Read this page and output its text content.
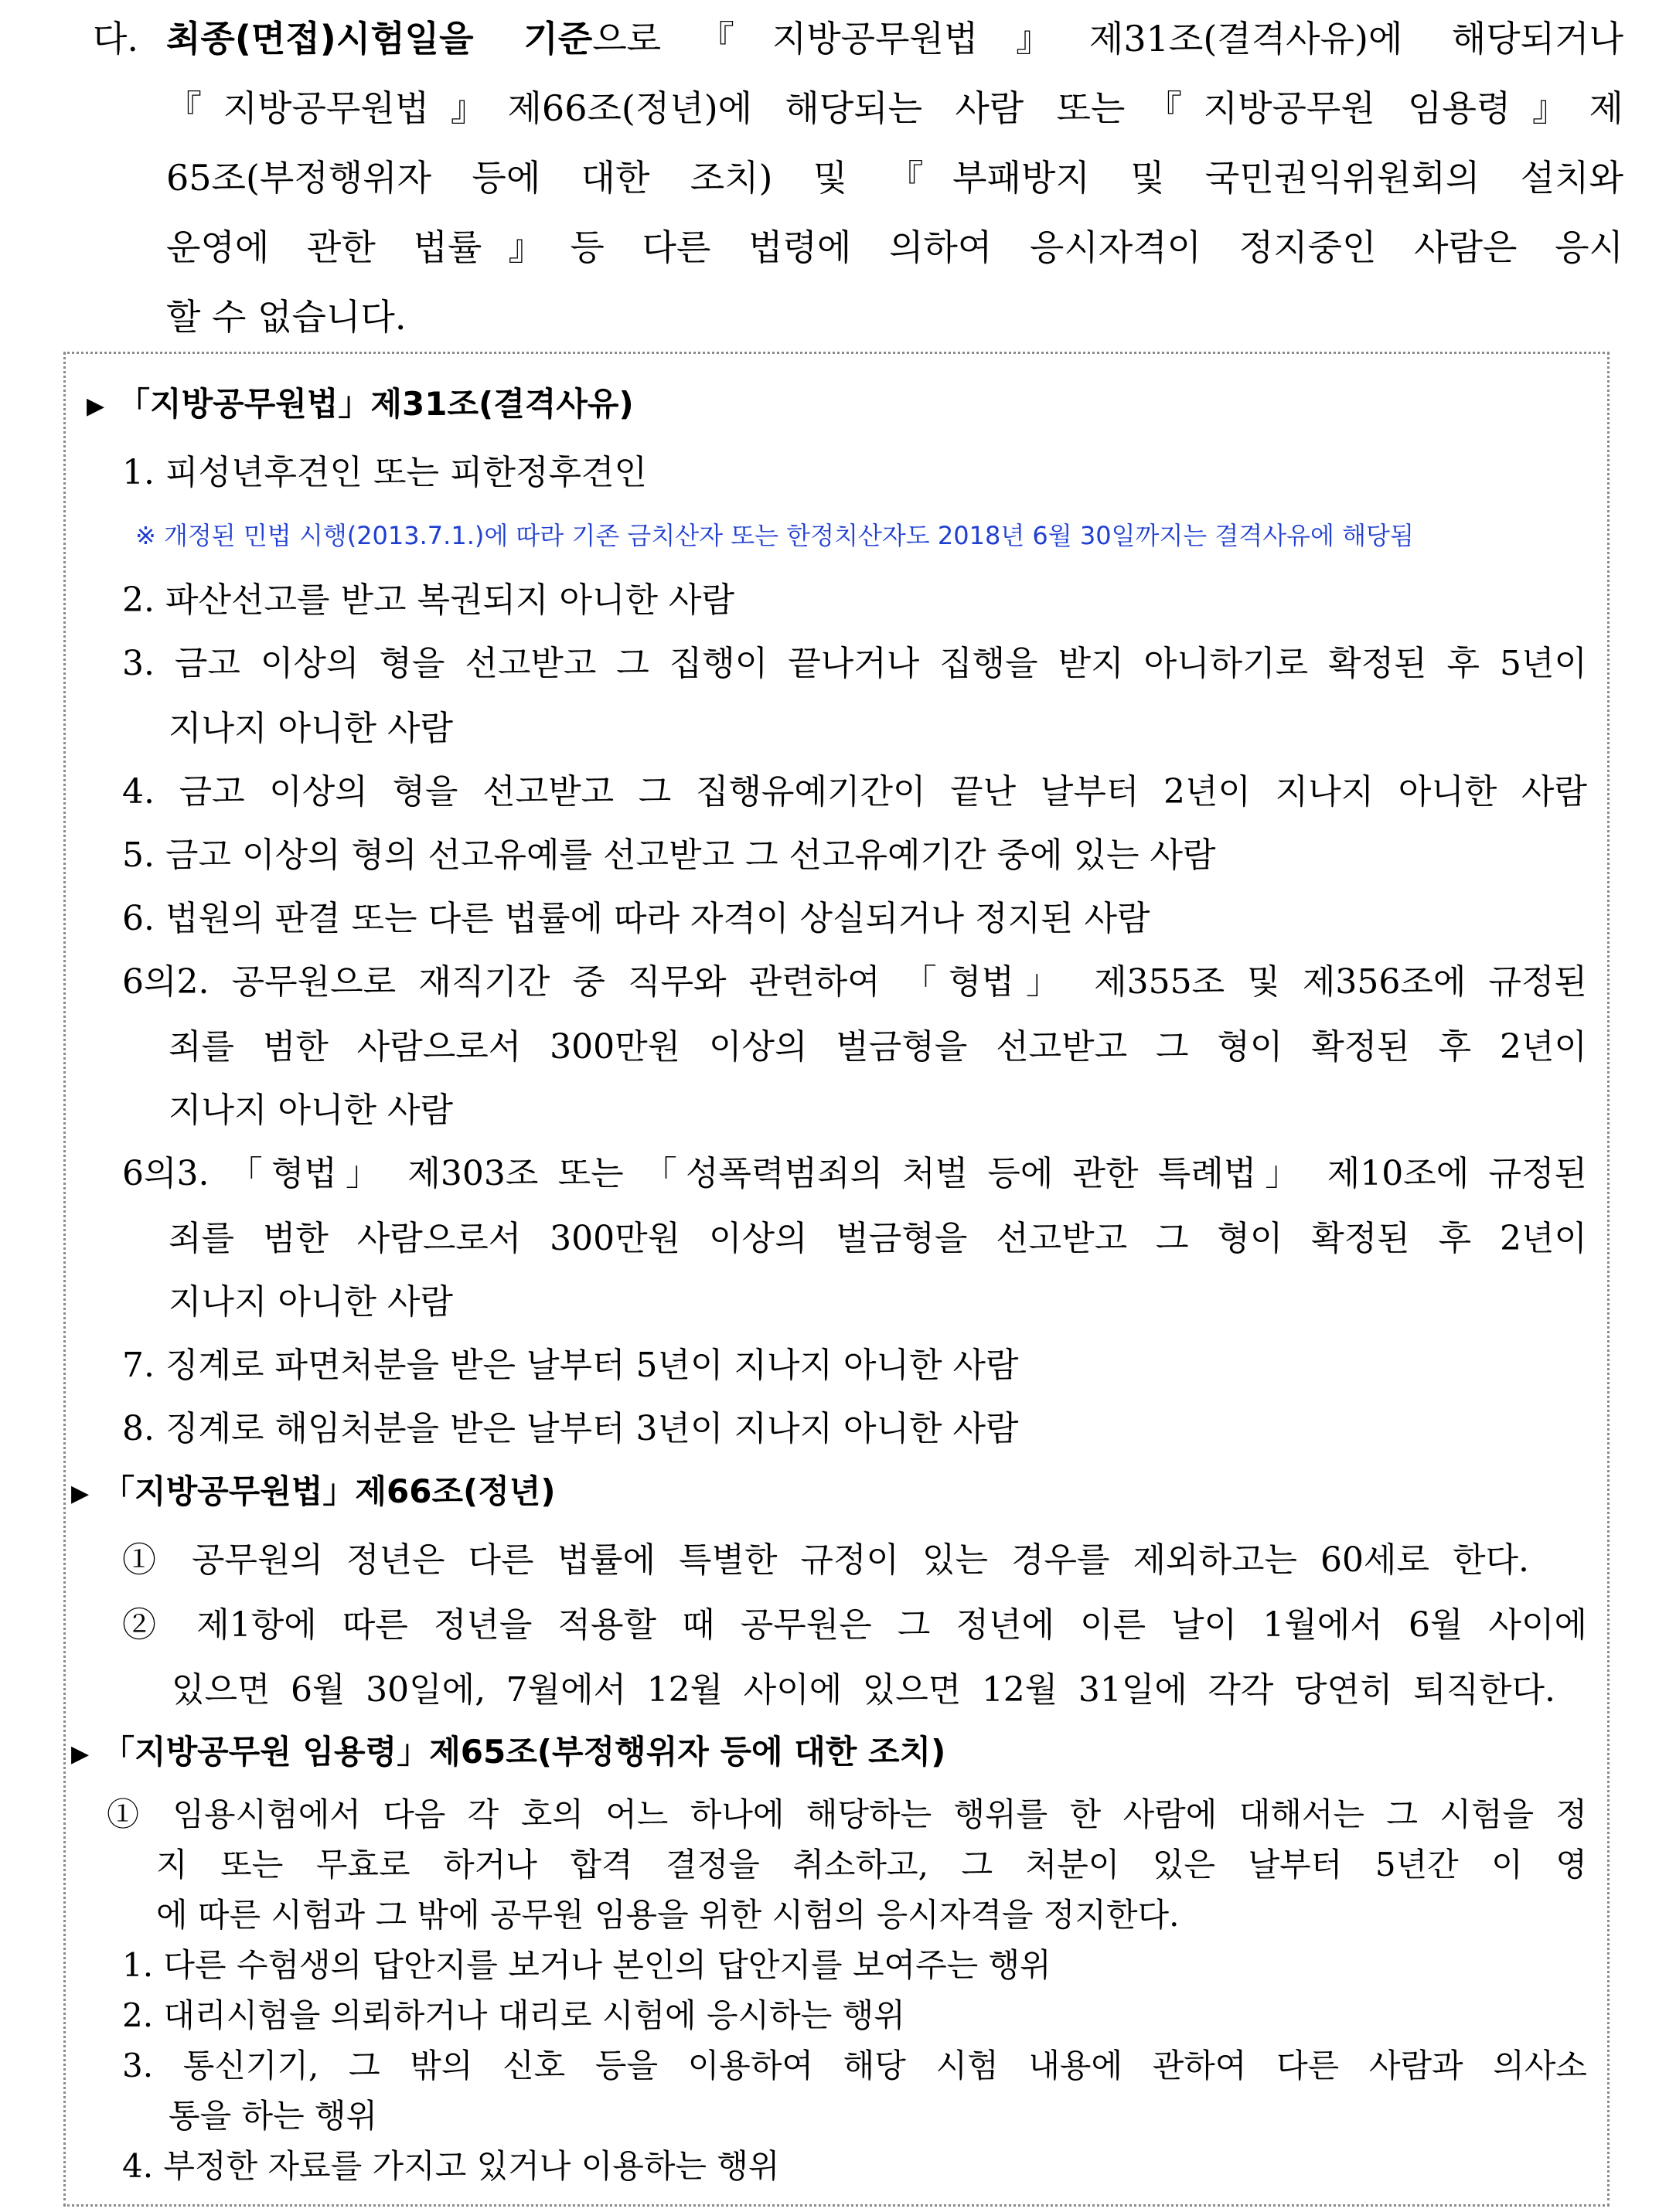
다. 최종(면접)시험일을 기준으로『지방공무원법』제31조(결격사유)에 해당되거나
『지방공무원법』제66조(정년)에 해당되는 사람 또는『지방공무원 임용령』제
65조(부정행위자 등에 대한 조치) 및 『부패방지 및 국민권익위원회의 설치와
운영에 관한 법률』등 다른 법령에 의하여 응시자격이 정지중인 사람은 응시
할 수 없습니다.
▶ 「지방공무원법」제31조(결격사유)
1. 피성년후견인 또는 피한정후견인
※ 개정된 민법 시행(2013.7.1.)에 따라 기존 금치산자 또는 한정치산자도 2018년 6월 30일까지는 결격사유에 해당됨
2. 파산선고를 받고 복권되지 아니한 사람
3. 금고 이상의 형을 선고받고 그 집행이 끝나거나 집행을 받지 아니하기로 확정된 후 5년이
지나지 아니한 사람
4. 금고 이상의 형을 선고받고 그 집행유예기간이 끝난 날부터 2년이 지나지 아니한 사람
5. 금고 이상의 형의 선고유예를 선고받고 그 선고유예기간 중에 있는 사람
6. 법원의 판결 또는 다른 법률에 따라 자격이 상실되거나 정지된 사람
6의2. 공무원으로 재직기간 중 직무와 관련하여 「형법」 제355조 및 제356조에 규정된
죄를 범한 사람으로서 300만원 이상의 벌금형을 선고받고 그 형이 확정된 후 2년이
지나지 아니한 사람
6의3. 「형법」 제303조 또는 「성폭력범죄의 처벌 등에 관한 특례법」 제10조에 규정된
죄를 범한 사람으로서 300만원 이상의 벌금형을 선고받고 그 형이 확정된 후 2년이
지나지 아니한 사람
7. 징계로 파면처분을 받은 날부터 5년이 지나지 아니한 사람
8. 징계로 해임처분을 받은 날부터 3년이 지나지 아니한 사람
▶ 「지방공무원법」제66조(정년)
① 공무원의 정년은 다른 법률에 특별한 규정이 있는 경우를 제외하고는 60세로 한다.
② 제1항에 따른 정년을 적용할 때 공무원은 그 정년에 이른 날이 1월에서 6월 사이에
있으면 6월 30일에, 7월에서 12월 사이에 있으면 12월 31일에 각각 당연히 퇴직한다.
▶ 「지방공무원 임용령」제65조(부정행위자 등에 대한 조치)
① 임용시험에서 다음 각 호의 어느 하나에 해당하는 행위를 한 사람에 대해서는 그 시험을 정
지 또는 무효로 하거나 합격 결정을 취소하고, 그 처분이 있은 날부터 5년간 이 영
에 따른 시험과 그 밖에 공무원 임용을 위한 시험의 응시자격을 정지한다.
1. 다른 수험생의 답안지를 보거나 본인의 답안지를 보여주는 행위
2. 대리시험을 의뢰하거나 대리로 시험에 응시하는 행위
3. 통신기기, 그 밖의 신호 등을 이용하여 해당 시험 내용에 관하여 다른 사람과 의사소
통을 하는 행위
4. 부정한 자료를 가지고 있거나 이용하는 행위
